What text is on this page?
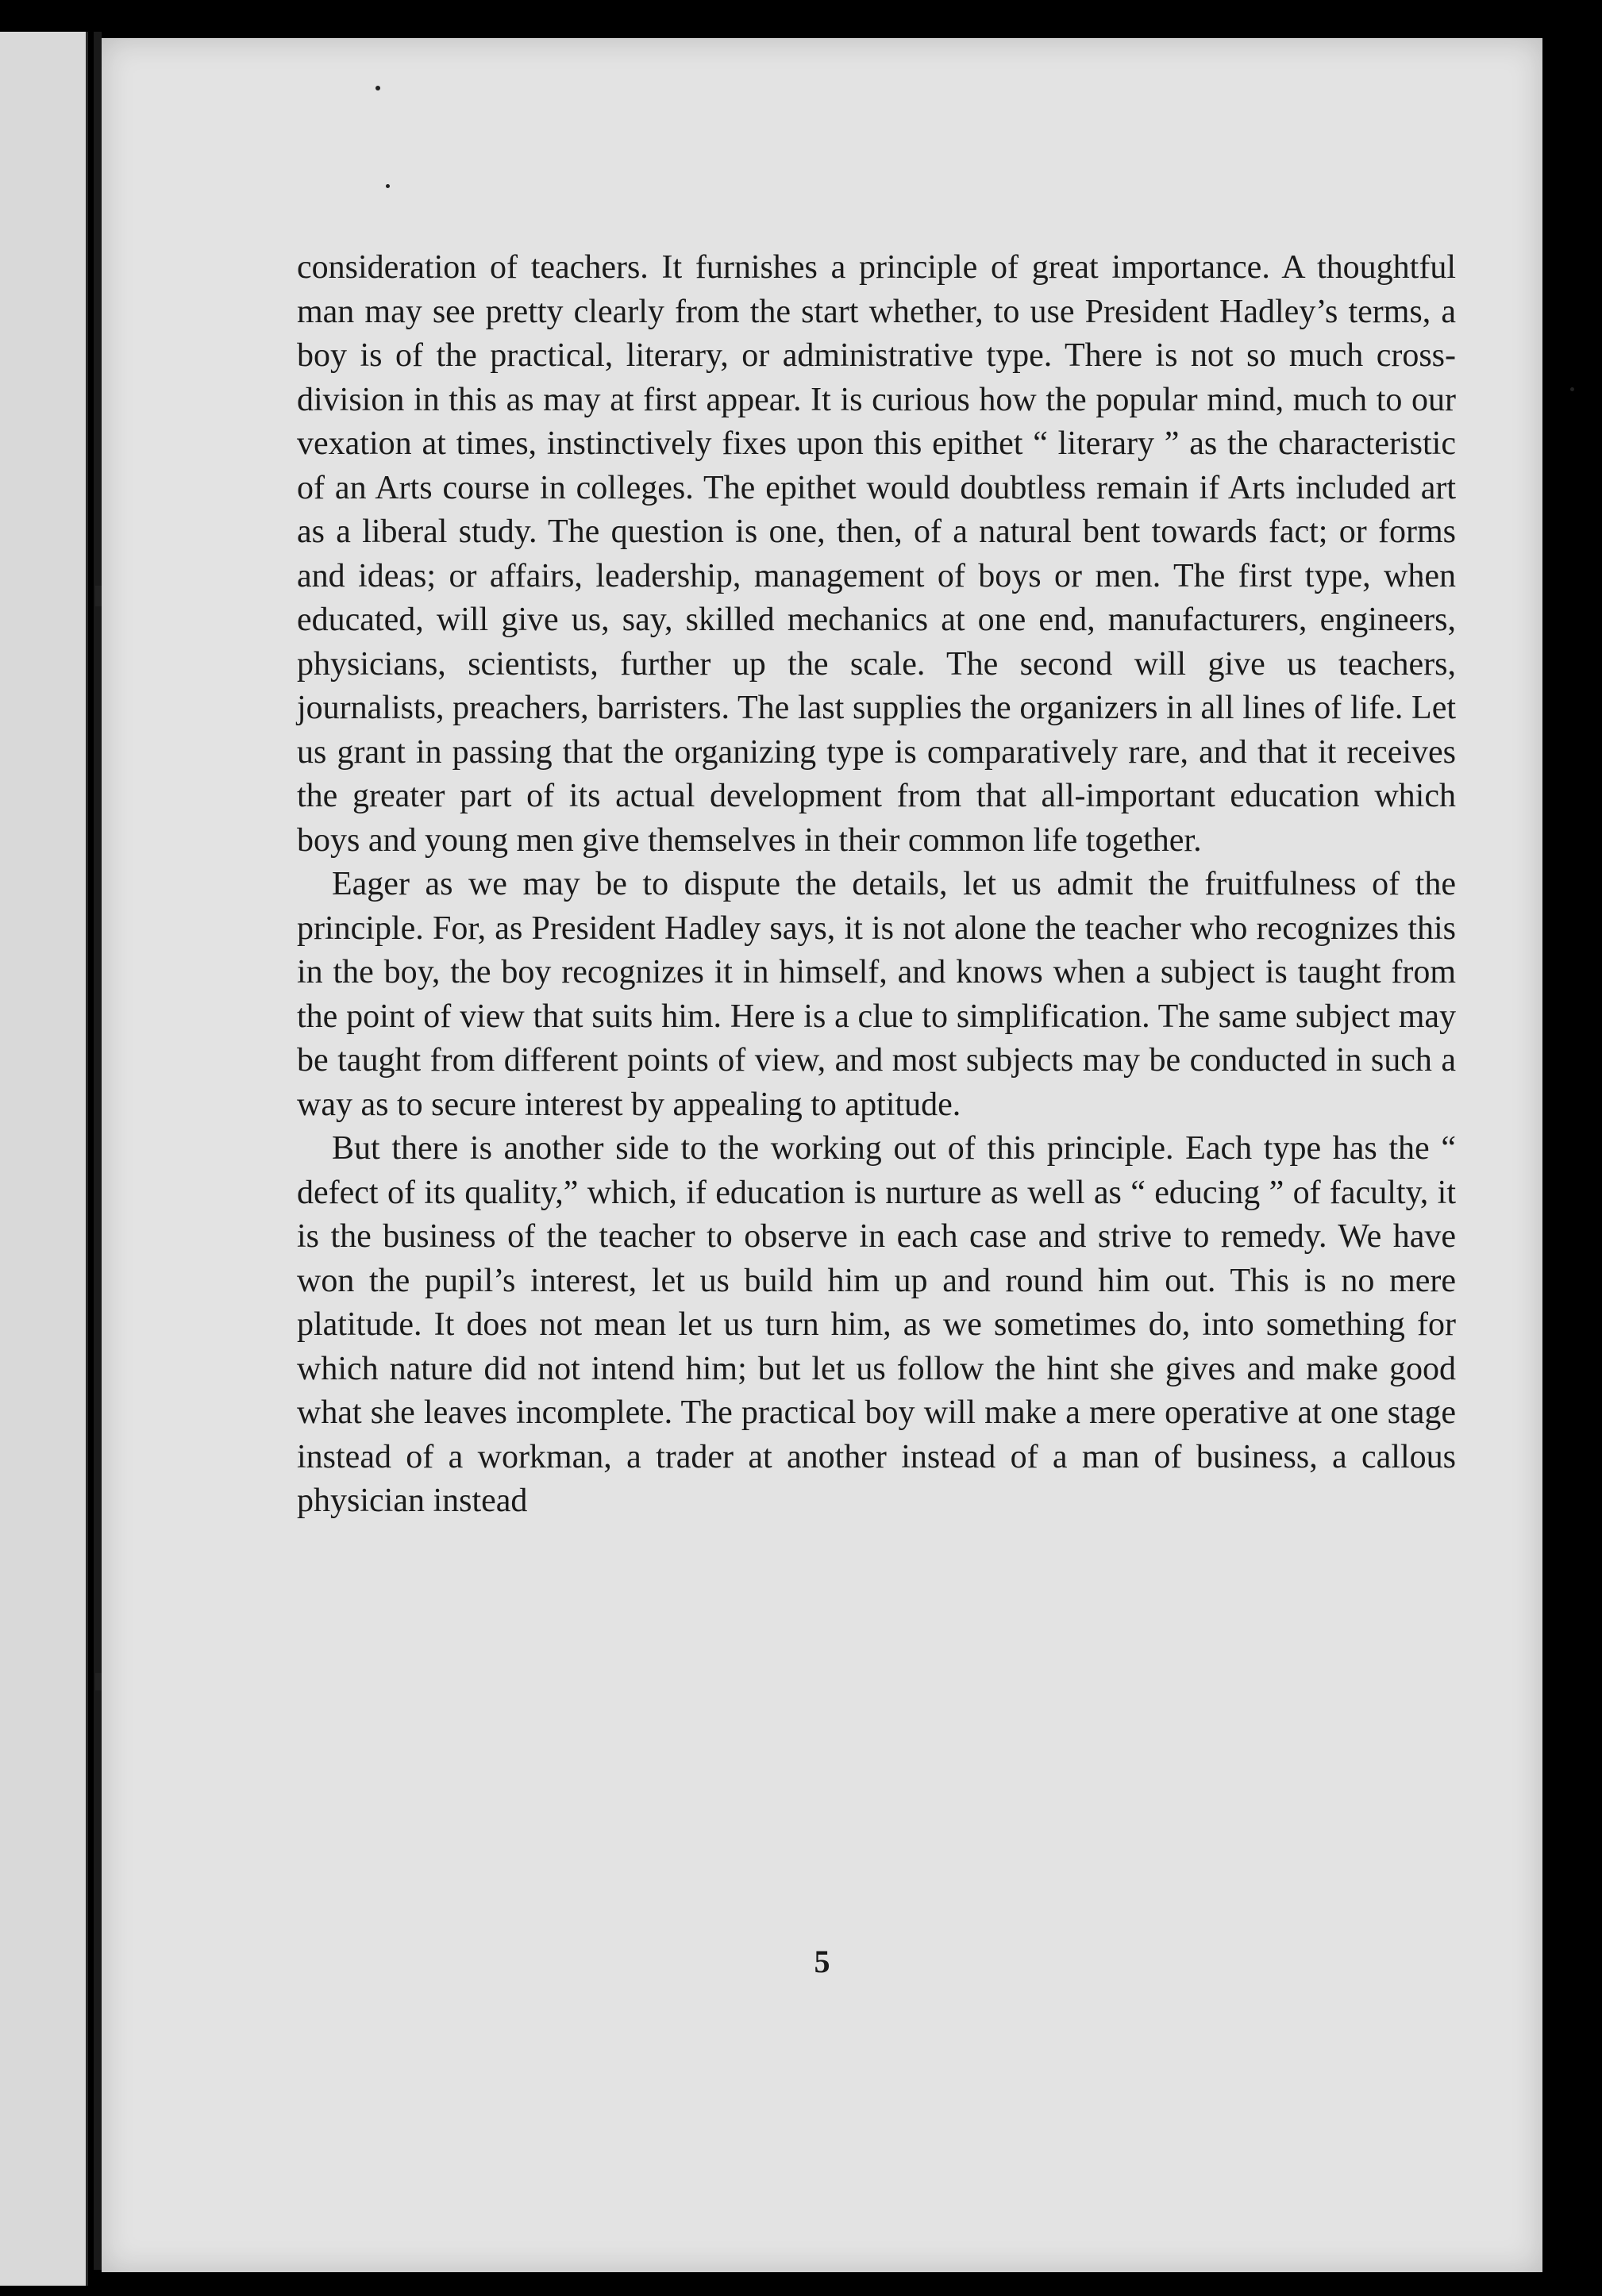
consideration of teachers. It furnishes a principle of great importance. A thoughtful man may see pretty clearly from the start whether, to use President Hadley’s terms, a boy is of the practical, literary, or administrative type. There is not so much cross-division in this as may at first appear. It is curious how the popular mind, much to our vexation at times, instinctively fixes upon this epithet “ literary ” as the characteristic of an Arts course in colleges. The epithet would doubtless remain if Arts included art as a liberal study. The question is one, then, of a natural bent towards fact; or forms and ideas; or affairs, leadership, management of boys or men. The first type, when educated, will give us, say, skilled mechanics at one end, manufacturers, engineers, physicians, scientists, further up the scale. The second will give us teachers, journalists, preachers, barristers. The last supplies the organizers in all lines of life. Let us grant in passing that the organizing type is comparatively rare, and that it receives the greater part of its actual development from that all-important education which boys and young men give themselves in their common life together.

Eager as we may be to dispute the details, let us admit the fruitfulness of the principle. For, as President Hadley says, it is not alone the teacher who recognizes this in the boy, the boy recognizes it in himself, and knows when a subject is taught from the point of view that suits him. Here is a clue to simplification. The same subject may be taught from different points of view, and most subjects may be conducted in such a way as to secure interest by appealing to aptitude.

But there is another side to the working out of this principle. Each type has the “ defect of its quality,” which, if education is nurture as well as “ educing ” of faculty, it is the business of the teacher to observe in each case and strive to remedy. We have won the pupil’s interest, let us build him up and round him out. This is no mere platitude. It does not mean let us turn him, as we sometimes do, into something for which nature did not intend him; but let us follow the hint she gives and make good what she leaves incomplete. The practical boy will make a mere operative at one stage instead of a workman, a trader at another instead of a man of business, a callous physician instead

5
